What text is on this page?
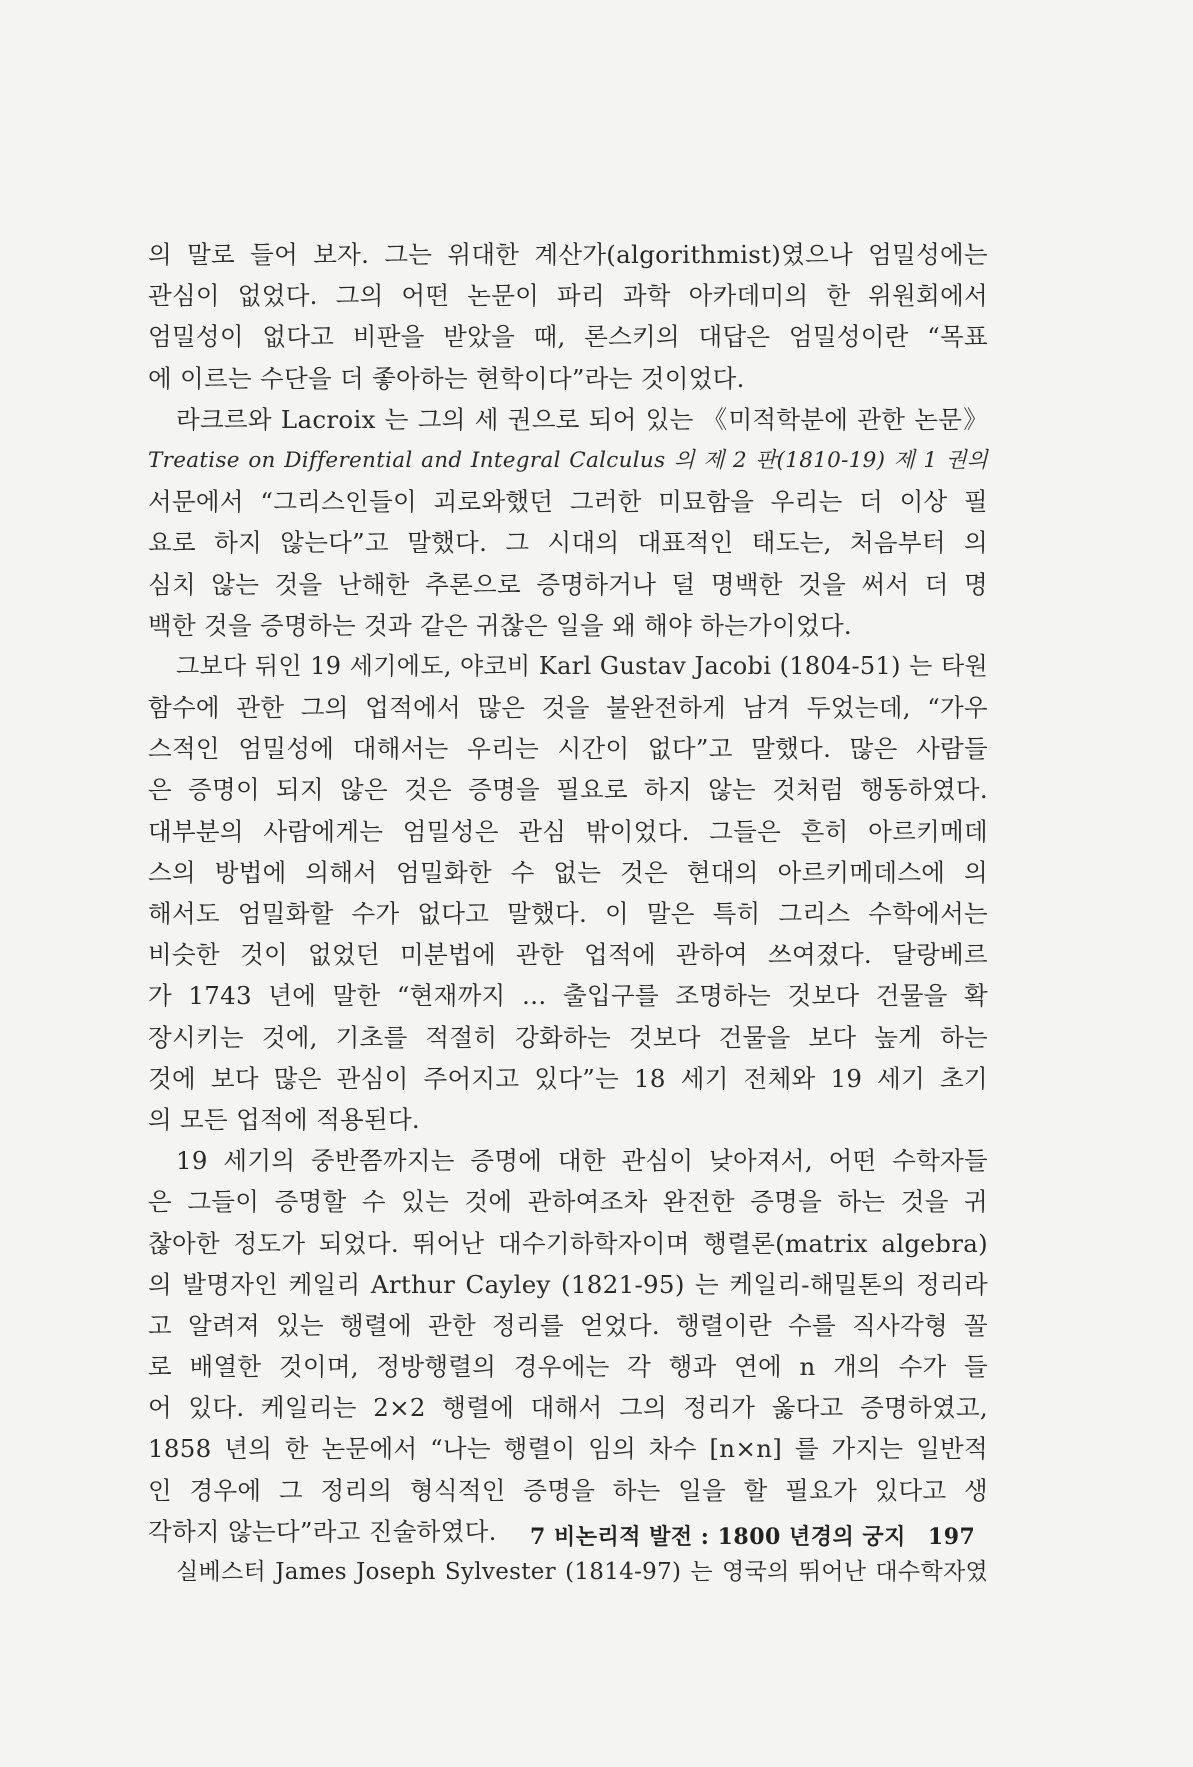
의 말로 들어 보자. 그는 위대한 계산가(algorithmist)였으나 엄밀성에는
관심이 없었다. 그의 어떤 논문이 파리 과학 아카데미의 한 위원회에서
엄밀성이 없다고 비판을 받았을 때, 론스키의 대답은 엄밀성이란 “목표
에 이르는 수단을 더 좋아하는 현학이다”라는 것이었다.
라크르와 Lacroix 는 그의 세 권으로 되어 있는 《미적학분에 관한 논문》
Treatise on Differential and Integral Calculus 의 제 2 판(1810-19) 제 1 권의
서문에서 “그리스인들이 괴로와했던 그러한 미묘함을 우리는 더 이상 필
요로 하지 않는다”고 말했다. 그 시대의 대표적인 태도는, 처음부터 의
심치 않는 것을 난해한 추론으로 증명하거나 덜 명백한 것을 써서 더 명
백한 것을 증명하는 것과 같은 귀찮은 일을 왜 해야 하는가이었다.
그보다 뒤인 19 세기에도, 야코비 Karl Gustav Jacobi (1804-51) 는 타원
함수에 관한 그의 업적에서 많은 것을 불완전하게 남겨 두었는데, “가우
스적인 엄밀성에 대해서는 우리는 시간이 없다”고 말했다. 많은 사람들
은 증명이 되지 않은 것은 증명을 필요로 하지 않는 것처럼 행동하였다.
대부분의 사람에게는 엄밀성은 관심 밖이었다. 그들은 흔히 아르키메데
스의 방법에 의해서 엄밀화한 수 없는 것은 현대의 아르키메데스에 의
해서도 엄밀화할 수가 없다고 말했다. 이 말은 특히 그리스 수학에서는
비슷한 것이 없었던 미분법에 관한 업적에 관하여 쓰여졌다. 달랑베르
가 1743 년에 말한 “현재까지 … 출입구를 조명하는 것보다 건물을 확
장시키는 것에, 기초를 적절히 강화하는 것보다 건물을 보다 높게 하는
것에 보다 많은 관심이 주어지고 있다”는 18 세기 전체와 19 세기 초기
의 모든 업적에 적용된다.
19 세기의 중반쯤까지는 증명에 대한 관심이 낮아져서, 어떤 수학자들
은 그들이 증명할 수 있는 것에 관하여조차 완전한 증명을 하는 것을 귀
찮아한 정도가 되었다. 뛰어난 대수기하학자이며 행렬론(matrix algebra)
의 발명자인 케일리 Arthur Cayley (1821-95) 는 케일리-해밀톤의 정리라
고 알려져 있는 행렬에 관한 정리를 얻었다. 행렬이란 수를 직사각형 꼴
로 배열한 것이며, 정방행렬의 경우에는 각 행과 연에 n 개의 수가 들
어 있다. 케일리는 2×2 행렬에 대해서 그의 정리가 옳다고 증명하였고,
1858 년의 한 논문에서 “나는 행렬이 임의 차수 [n×n] 를 가지는 일반적
인 경우에 그 정리의 형식적인 증명을 하는 일을 할 필요가 있다고 생
각하지 않는다”라고 진술하였다.
실베스터 James Joseph Sylvester (1814-97) 는 영국의 뛰어난 대수학자였
7 비논리적 발전 : 1800 년경의 궁지 197
